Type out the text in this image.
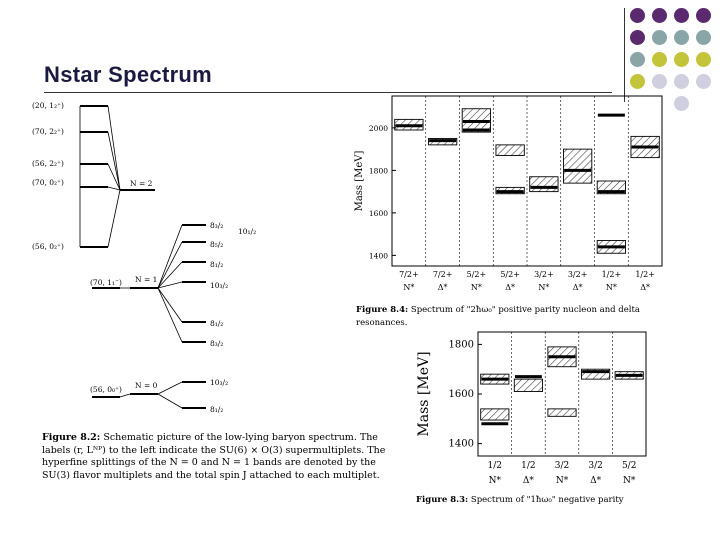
Nstar Spectrum
(20, 1₂⁺)
(70, 2₂⁺)
(56, 2₂⁺)
(70, 0₂⁺)
(56, 0₂⁺)
N = 2
(70, 1₁⁻) N = 1
8₃/₂
10₁/₂
8₅/₂
8₁/₂
10₃/₂
8₁/₂
8₃/₂
(56, 0₀⁺) N = 0	10₃/₂
8₁/₂
Figure 8.2: Schematic picture of the low-lying baryon spectrum. The labels (r, Lᴺᴾ) to the left indicate the SU(6) × O(3) supermultiplets. The hyperfine splittings of the N = 0 and N = 1 bands are denoted by the SU(3) flavor multiplets and the total spin J attached to each multiplet.
1400
1600
1800
2000
Mass [MeV]
7/2+
N*
7/2+
Δ*
5/2+
N*
5/2+
Δ*
3/2+
N*
3/2+
Δ*
1/2+
N*
1/2+
Δ*
Figure 8.4: Spectrum of "2ħω₀" positive parity nucleon and delta resonances.
1400
1600
1800
Mass [MeV]
1/2
N*
1/2
Δ*
3/2
N*
3/2
Δ*
5/2
N*
Figure 8.3: Spectrum of "1ħω₀" negative parity
